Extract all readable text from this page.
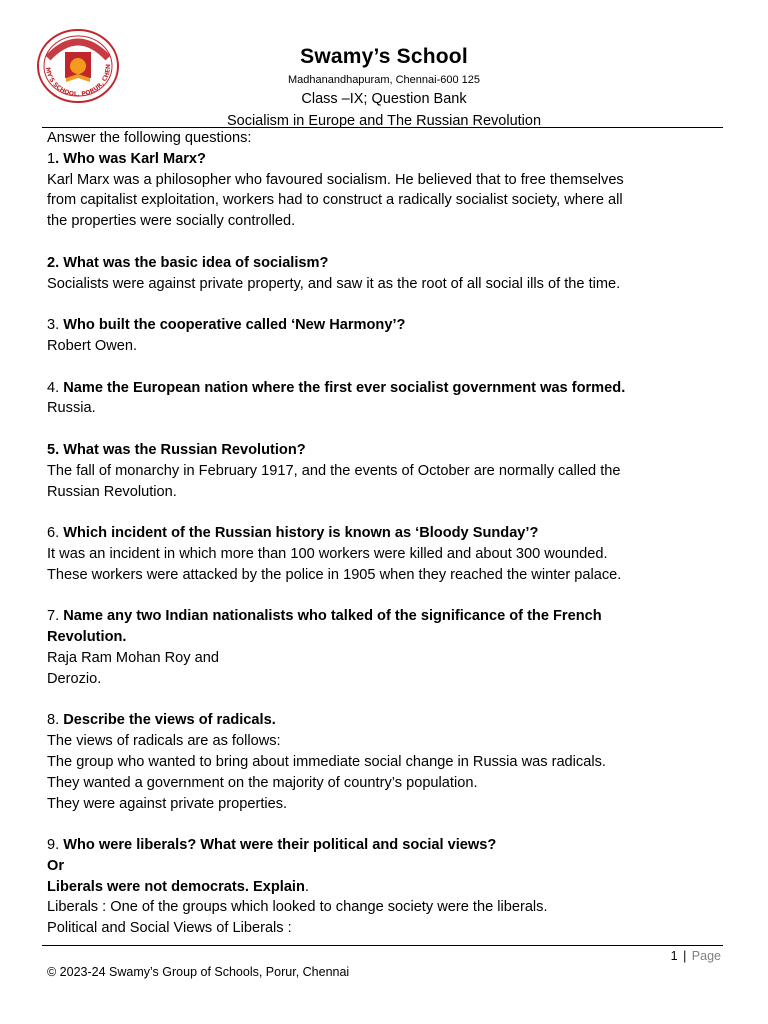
MY'S SCHOOL, PORUR, CHEN	Swamy’s School
Madhanandhapuram, Chennai-600 125
Class –IX; Question Bank
Socialism in Europe and The Russian Revolution

Answer the following questions:

1. Who was Karl Marx?

Karl Marx was a philosopher who favoured socialism. He believed that to free themselves

from capitalist exploitation, workers had to construct a radically socialist society, where all

the properties were socially controlled.

2. What was the basic idea of socialism?

Socialists were against private property, and saw it as the root of all social ills of the time.

3. Who built the cooperative called ‘New Harmony’?

Robert Owen.

4. Name the European nation where the first ever socialist government was formed.

Russia.

5. What was the Russian Revolution?

The fall of monarchy in February 1917, and the events of October are normally called the

Russian Revolution.

6. Which incident of the Russian history is known as ‘Bloody Sunday’?

It was an incident in which more than 100 workers were killed and about 300 wounded.

These workers were attacked by the police in 1905 when they reached the winter palace.

7. Name any two Indian nationalists who talked of the significance of the French

Revolution.

Raja Ram Mohan Roy and

Derozio.

8. Describe the views of radicals.

The views of radicals are as follows:

The group who wanted to bring about immediate social change in Russia was radicals.

They wanted a government on the majority of country’s population.

They were against private properties.

9. Who were liberals? What were their political and social views?

Or

Liberals were not democrats. Explain.

Liberals : One of the groups which looked to change society were the liberals.

Political and Social Views of Liberals :

1 | Page
© 2023-24 Swamy’s Group of Schools, Porur, Chennai
